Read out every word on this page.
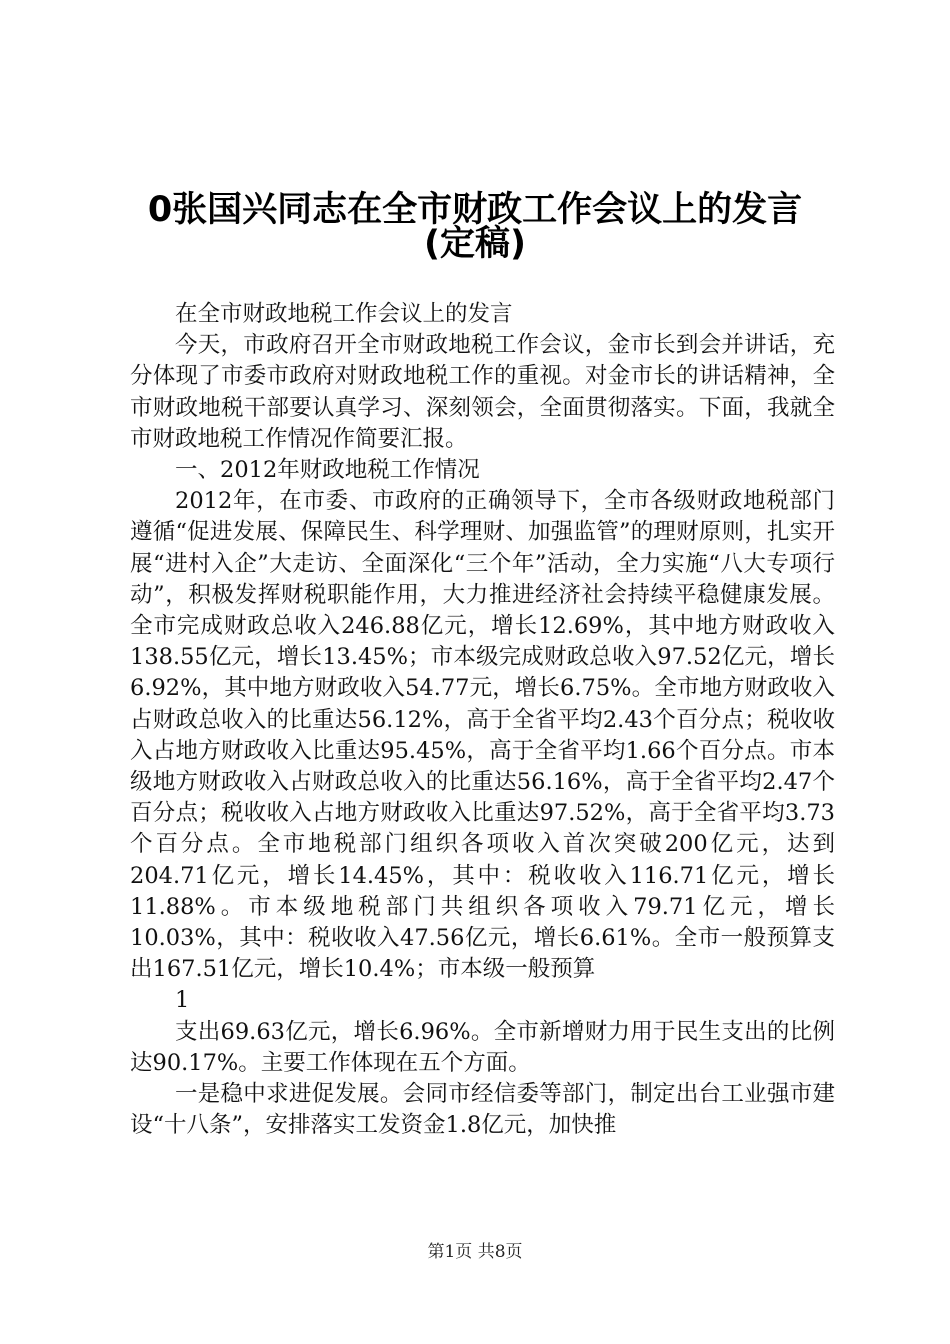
0张国兴同志在全市财政工作会议上的发言
(定稿)

在全市财政地税工作会议上的发言

今天，市政府召开全市财政地税工作会议，金市长到会并讲话，充分体现了市委市政府对财政地税工作的重视。对金市长的讲话精神，全市财政地税干部要认真学习、深刻领会，全面贯彻落实。下面，我就全市财政地税工作情况作简要汇报。

一、2012年财政地税工作情况

2012年，在市委、市政府的正确领导下，全市各级财政地税部门遵循“促进发展、保障民生、科学理财、加强监管”的理财原则，扎实开展“进村入企”大走访、全面深化“三个年”活动，全力实施“八大专项行动”，积极发挥财税职能作用，大力推进经济社会持续平稳健康发展。全市完成财政总收入246.88亿元，增长12.69%，其中地方财政收入138.55亿元，增长13.45%；市本级完成财政总收入97.52亿元，增长6.92%，其中地方财政收入54.77元，增长6.75%。全市地方财政收入占财政总收入的比重达56.12%，高于全省平均2.43个百分点；税收收入占地方财政收入比重达95.45%，高于全省平均1.66个百分点。市本级地方财政收入占财政总收入的比重达56.16%，高于全省平均2.47个百分点；税收收入占地方财政收入比重达97.52%，高于全省平均3.73个百分点。全市地税部门组织各项收入首次突破200亿元，达到204.71亿元，增长14.45%，其中：税收收入116.71亿元，增长11.88%。市本级地税部门共组织各项收入79.71亿元，增长10.03%，其中：税收收入47.56亿元，增长6.61%。全市一般预算支出167.51亿元，增长10.4%；市本级一般预算

1

支出69.63亿元，增长6.96%。全市新增财力用于民生支出的比例达90.17%。主要工作体现在五个方面。

一是稳中求进促发展。会同市经信委等部门，制定出台工业强市建设“十八条”，安排落实工发资金1.8亿元，加快推

第1页 共8页
